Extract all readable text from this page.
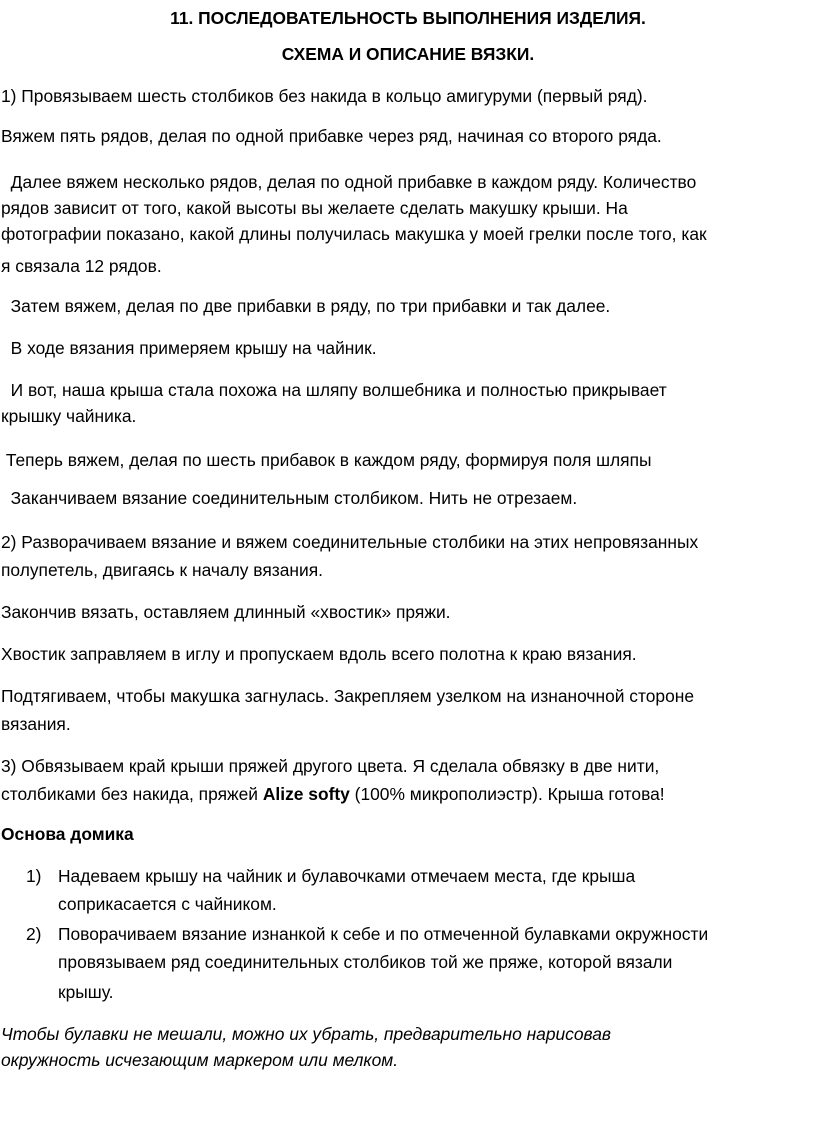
11. ПОСЛЕДОВАТЕЛЬНОСТЬ ВЫПОЛНЕНИЯ ИЗДЕЛИЯ.

СХЕМА И ОПИСАНИЕ ВЯЗКИ.

1) Провязываем шесть столбиков без накида в кольцо амигуруми (первый ряд).

Вяжем пять рядов, делая по одной прибавке через ряд, начиная со второго ряда.

Далее вяжем несколько рядов, делая по одной прибавке в каждом ряду. Количество

рядов зависит от того, какой высоты вы желаете сделать макушку крыши. На

фотографии показано, какой длины получилась макушка у моей грелки после того, как

я связала 12 рядов.

Затем вяжем, делая по две прибавки в ряду, по три прибавки и так далее.

В ходе вязания примеряем крышу на чайник.

И вот, наша крыша стала похожа на шляпу волшебника и полностью прикрывает

крышку чайника.

Теперь вяжем, делая по шесть прибавок в каждом ряду, формируя поля шляпы

Заканчиваем вязание соединительным столбиком. Нить не отрезаем.

2) Разворачиваем вязание и вяжем соединительные столбики на этих непровязанных

полупетель, двигаясь к началу вязания.

Закончив вязать, оставляем длинный «хвостик» пряжи.

Хвостик заправляем в иглу и пропускаем вдоль всего полотна к краю вязания.

Подтягиваем, чтобы макушка загнулась. Закрепляем узелком на изнаночной стороне

вязания.

3) Обвязываем край крыши пряжей другого цвета. Я сделала обвязку в две нити,

столбиками без накида, пряжей Alize softy (100% микрополиэстр). Крыша готова!

Основа домика

1) Надеваем крышу на чайник и булавочками отмечаем места, где крыша

соприкасается с чайником.

2) Поворачиваем вязание изнанкой к себе и по отмеченной булавками окружности

провязываем ряд соединительных столбиков той же пряже, которой вязали

крышу.

Чтобы булавки не мешали, можно их убрать, предварительно нарисовав

окружность исчезающим маркером или мелком.
